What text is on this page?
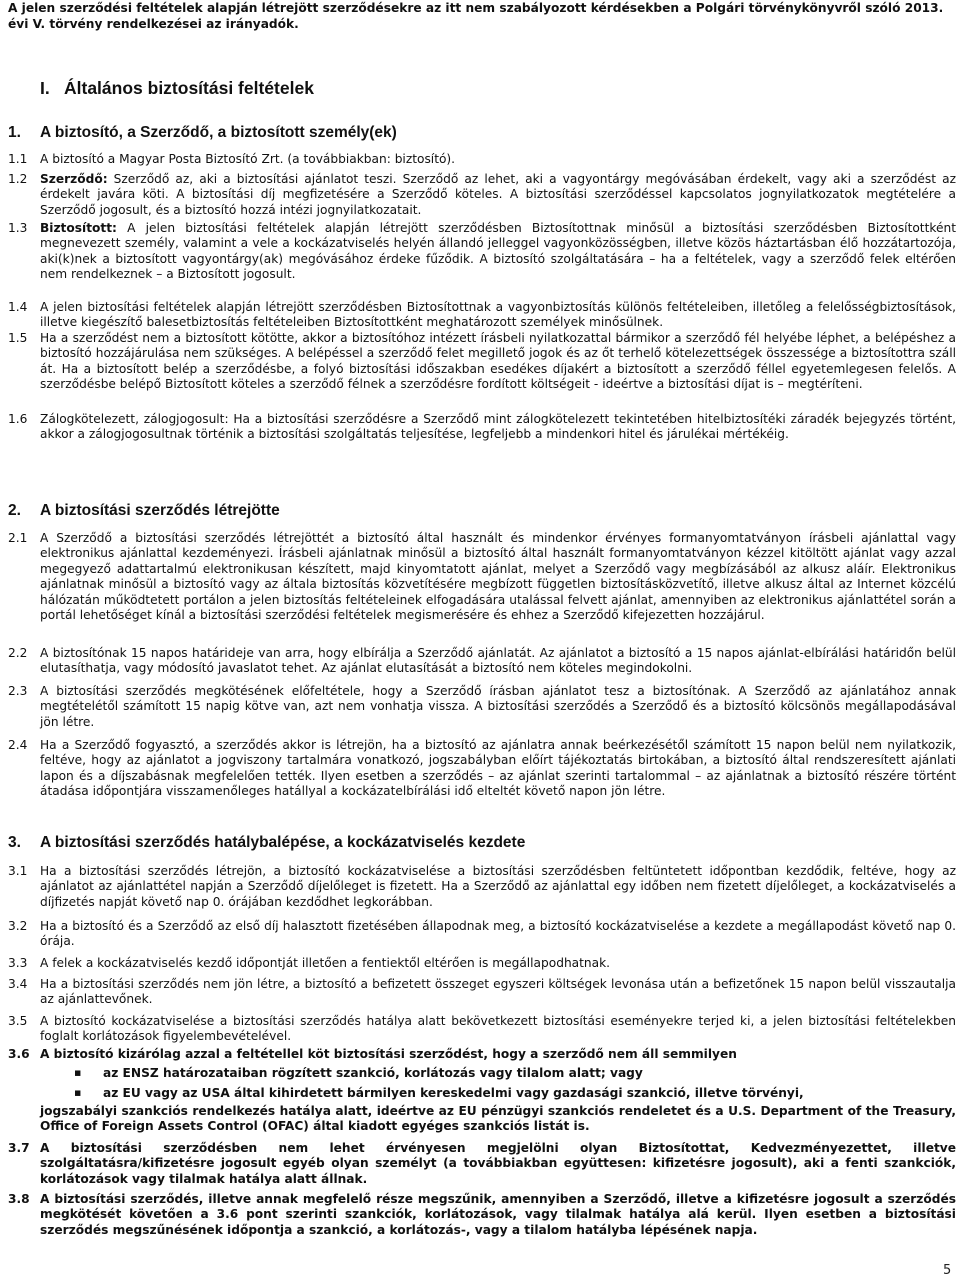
A jelen szerződési feltételek alapján létrejött szerződésekre az itt nem szabályozott kérdésekben a Polgári törvénykönyvről szóló 2013. évi V. törvény rendelkezései az irányadók.
I. Általános biztosítási feltételek
1. A biztosító, a Szerződő, a biztosított személy(ek)
1.1 A biztosító a Magyar Posta Biztosító Zrt. (a továbbiakban: biztosító).
1.2 Szerződő: Szerződő az, aki a biztosítási ajánlatot teszi. Szerződő az lehet, aki a vagyontárgy megóvásában érdekelt, vagy aki a szerződést az érdekelt javára köti. A biztosítási díj megfizetésére a Szerződő köteles. A biztosítási szerződéssel kapcsolatos jognyilatkozatok megtételére a Szerződő jogosult, és a biztosító hozzá intézi jognyilatkozatait.
1.3 Biztosított: A jelen biztosítási feltételek alapján létrejött szerződésben Biztosítottnak minősül a biztosítási szerződésben Biztosítottként megnevezett személy, valamint a vele a kockázatviselés helyén állandó jelleggel vagyonközösségben, illetve közös háztartásban élő hozzátartozója, aki(k)nek a biztosított vagyontárgy(ak) megóvásához érdeke fűződik. A biztosító szolgáltatására – ha a feltételek, vagy a szerződő felek eltérően nem rendelkeznek – a Biztosított jogosult.
1.4 A jelen biztosítási feltételek alapján létrejött szerződésben Biztosítottnak a vagyonbiztosítás különös feltételeiben, illetőleg a felelősségbiztosítások, illetve kiegészítő balesetbiztosítás feltételeiben Biztosítottként meghatározott személyek minősülnek.
1.5 Ha a szerződést nem a biztosított kötötte, akkor a biztosítóhoz intézett írásbeli nyilatkozattal bármikor a szerződő fél helyébe léphet, a belépéshez a biztosító hozzájárulása nem szükséges. A belépéssel a szerződő felet megillető jogok és az őt terhelő kötelezettségek összessége a biztosítottra száll át. Ha a biztosított belép a szerződésbe, a folyó biztosítási időszakban esedékes díjakért a biztosított a szerződő féllel egyetemlegesen felelős. A szerződésbe belépő Biztosított köteles a szerződő félnek a szerződésre fordított költségeit - ideértve a biztosítási díjat is – megtéríteni.
1.6 Zálogkötelezett, zálogjogosult: Ha a biztosítási szerződésre a Szerződő mint zálogkötelezett tekintetében hitelbiztosítéki záradék bejegyzés történt, akkor a zálogjogosultnak történik a biztosítási szolgáltatás teljesítése, legfeljebb a mindenkori hitel és járulékai mértékéig.
2. A biztosítási szerződés létrejötte
2.1 A Szerződő a biztosítási szerződés létrejöttét a biztosító által használt és mindenkor érvényes formanyomtatványon írásbeli ajánlattal vagy elektronikus ajánlattal kezdeményezi. Írásbeli ajánlatnak minősül a biztosító által használt formanyomtatványon kézzel kitöltött ajánlat vagy azzal megegyező adattartalmú elektronikusan készített, majd kinyomtatott ajánlat, melyet a Szerződő vagy megbízásából az alkusz aláír. Elektronikus ajánlatnak minősül a biztosító vagy az általa biztosítás közvetítésére megbízott független biztosításközvetítő, illetve alkusz által az Internet közcélú hálózatán működtetett portálon a jelen biztosítás feltételeinek elfogadására utalással felvett ajánlat, amennyiben az elektronikus ajánlattétel során a portál lehetőséget kínál a biztosítási szerződési feltételek megismerésére és ehhez a Szerződő kifejezetten hozzájárul.
2.2 A biztosítónak 15 napos határideje van arra, hogy elbírálja a Szerződő ajánlatát. Az ajánlatot a biztosító a 15 napos ajánlat-elbírálási határidőn belül elutasíthatja, vagy módosító javaslatot tehet. Az ajánlat elutasítását a biztosító nem köteles megindokolni.
2.3 A biztosítási szerződés megkötésének előfeltétele, hogy a Szerződő írásban ajánlatot tesz a biztosítónak. A Szerződő az ajánlatához annak megtételétől számított 15 napig kötve van, azt nem vonhatja vissza. A biztosítási szerződés a Szerződő és a biztosító kölcsönös megállapodásával jön létre.
2.4 Ha a Szerződő fogyasztó, a szerződés akkor is létrejön, ha a biztosító az ajánlatra annak beérkezésétől számított 15 napon belül nem nyilatkozik, feltéve, hogy az ajánlatot a jogviszony tartalmára vonatkozó, jogszabályban előírt tájékoztatás birtokában, a biztosító által rendszeresített ajánlati lapon és a díjszabásnak megfelelően tették. Ilyen esetben a szerződés – az ajánlat szerinti tartalommal – az ajánlatnak a biztosító részére történt átadása időpontjára visszamenőleges hatállyal a kockázatelbírálási idő elteltét követő napon jön létre.
3. A biztosítási szerződés hatálybalépése, a kockázatviselés kezdete
3.1 Ha a biztosítási szerződés létrejön, a biztosító kockázatviselése a biztosítási szerződésben feltüntetett időpontban kezdődik, feltéve, hogy az ajánlatot az ajánlattétel napján a Szerződő díjelőleget is fizetett. Ha a Szerződő az ajánlattal egy időben nem fizetett díjelőleget, a kockázatviselés a díjfizetés napját követő nap 0. órájában kezdődhet legkorábban.
3.2 Ha a biztosító és a Szerződő az első díj halasztott fizetésében állapodnak meg, a biztosító kockázatviselése a kezdete a megállapodást követő nap 0. órája.
3.3 A felek a kockázatviselés kezdő időpontját illetően a fentiektől eltérően is megállapodhatnak.
3.4 Ha a biztosítási szerződés nem jön létre, a biztosító a befizetett összeget egyszeri költségek levonása után a befizetőnek 15 napon belül visszautalja az ajánlattevőnek.
3.5 A biztosító kockázatviselése a biztosítási szerződés hatálya alatt bekövetkezett biztosítási eseményekre terjed ki, a jelen biztosítási feltételekben foglalt korlátozások figyelembevételével.
3.6 A biztosító kizárólag azzal a feltétellel köt biztosítási szerződést, hogy a szerződő nem áll semmilyen
▪ az ENSZ határozataiban rögzített szankció, korlátozás vagy tilalom alatt; vagy
▪ az EU vagy az USA által kihirdetett bármilyen kereskedelmi vagy gazdasági szankció, illetve törvényi,
jogszabályi szankciós rendelkezés hatálya alatt, ideértve az EU pénzügyi szankciós rendeletet és a U.S. Department of the Treasury, Office of Foreign Assets Control (OFAC) által kiadott egyéges szankciós listát is.
3.7 A biztosítási szerződésben nem lehet érvényesen megjelölni olyan Biztosítottat, Kedvezményezettet, illetve szolgáltatásra/kifizetésre jogosult egyéb olyan személyt (a továbbiakban együttesen: kifizetésre jogosult), aki a fenti szankciók, korlátozások vagy tilalmak hatálya alatt állnak.
3.8 A biztosítási szerződés, illetve annak megfelelő része megszűnik, amennyiben a Szerződő, illetve a kifizetésre jogosult a szerződés megkötését követően a 3.6 pont szerinti szankciók, korlátozások, vagy tilalmak hatálya alá kerül. Ilyen esetben a biztosítási szerződés megszűnésének időpontja a szankció, a korlátozás-, vagy a tilalom hatályba lépésének napja.
5
